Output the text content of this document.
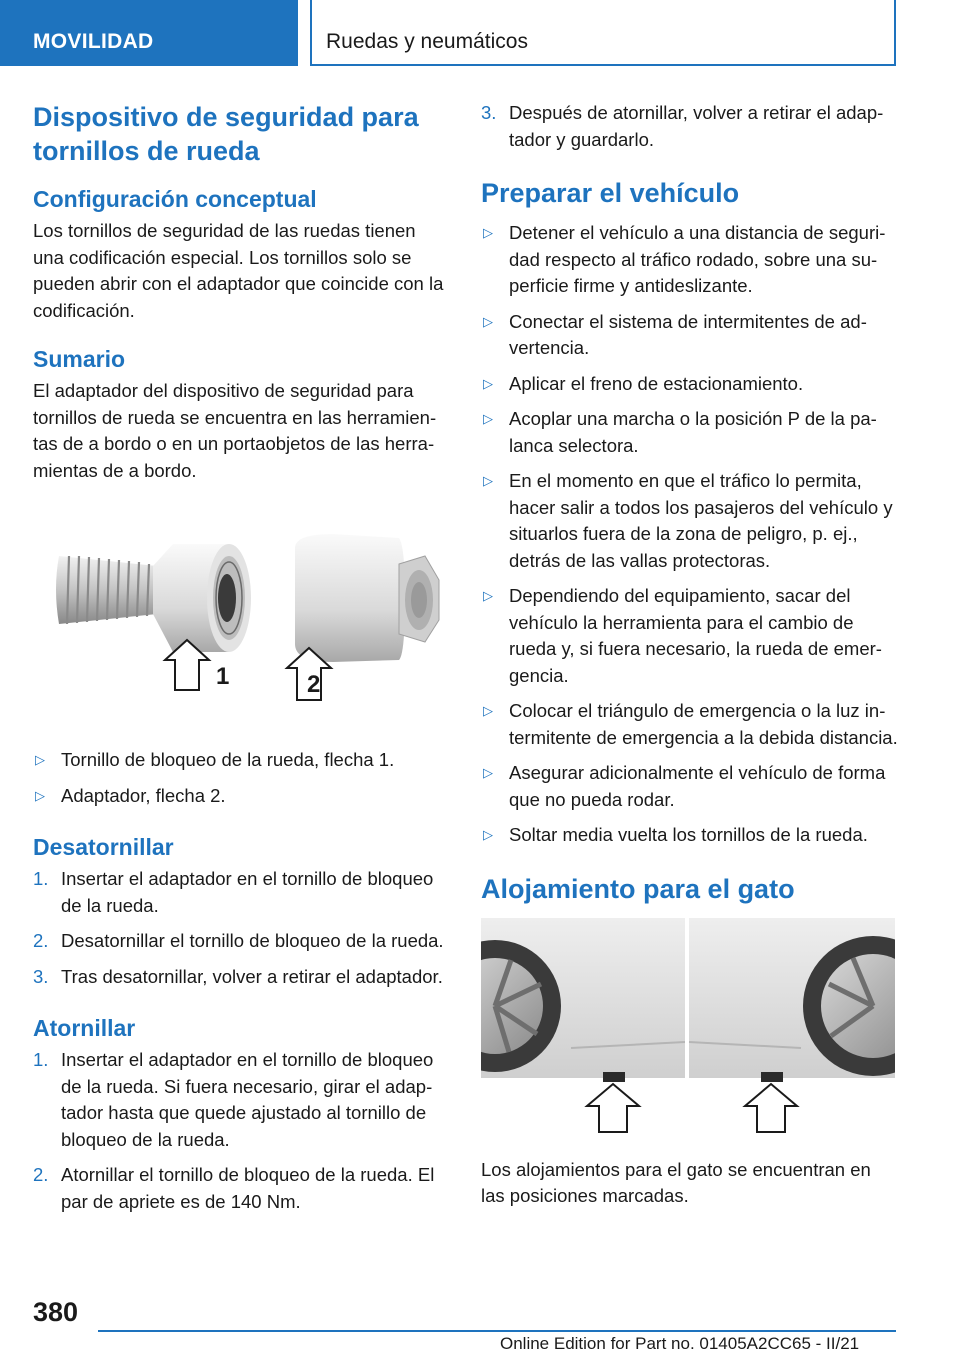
MOVILIDAD	Ruedas y neumáticos
Dispositivo de seguridad para tornillos de rueda
Configuración conceptual

Los tornillos de seguridad de las ruedas tienen una codificación especial. Los tornillos solo se pueden abrir con el adaptador que coincide con la codificación.

Sumario

El adaptador del dispositivo de seguridad para tornillos de rueda se encuentra en las herramientas de a bordo o en un portaobjetos de las herramientas de a bordo.

1	2
▷ Tornillo de bloqueo de la rueda, flecha 1.
▷ Adaptador, flecha 2.
Desatornillar
1. Insertar el adaptador en el tornillo de bloqueo de la rueda.
2. Desatornillar el tornillo de bloqueo de la rueda.
3. Tras desatornillar, volver a retirar el adaptador.
Atornillar
1. Insertar el adaptador en el tornillo de bloqueo de la rueda. Si fuera necesario, girar el adaptador hasta que quede ajustado al tornillo de bloqueo de la rueda.
2. Atornillar el tornillo de bloqueo de la rueda. El par de apriete es de 140 Nm.
3. Después de atornillar, volver a retirar el adaptador y guardarlo.
Preparar el vehículo
▷ Detener el vehículo a una distancia de seguridad respecto al tráfico rodado, sobre una superficie firme y antideslizante.
▷ Conectar el sistema de intermitentes de advertencia.
▷ Aplicar el freno de estacionamiento.
▷ Acoplar una marcha o la posición P de la palanca selectora.
▷ En el momento en que el tráfico lo permita, hacer salir a todos los pasajeros del vehículo y situarlos fuera de la zona de peligro, p. ej., detrás de las vallas protectoras.
▷ Dependiendo del equipamiento, sacar del vehículo la herramienta para el cambio de rueda y, si fuera necesario, la rueda de emergencia.
▷ Colocar el triángulo de emergencia o la luz intermitente de emergencia a la debida distancia.
▷ Asegurar adicionalmente el vehículo de forma que no pueda rodar.
▷ Soltar media vuelta los tornillos de la rueda.
Alojamiento para el gato

Los alojamientos para el gato se encuentran en las posiciones marcadas.

380
Online Edition for Part no. 01405A2CC65 - II/21
